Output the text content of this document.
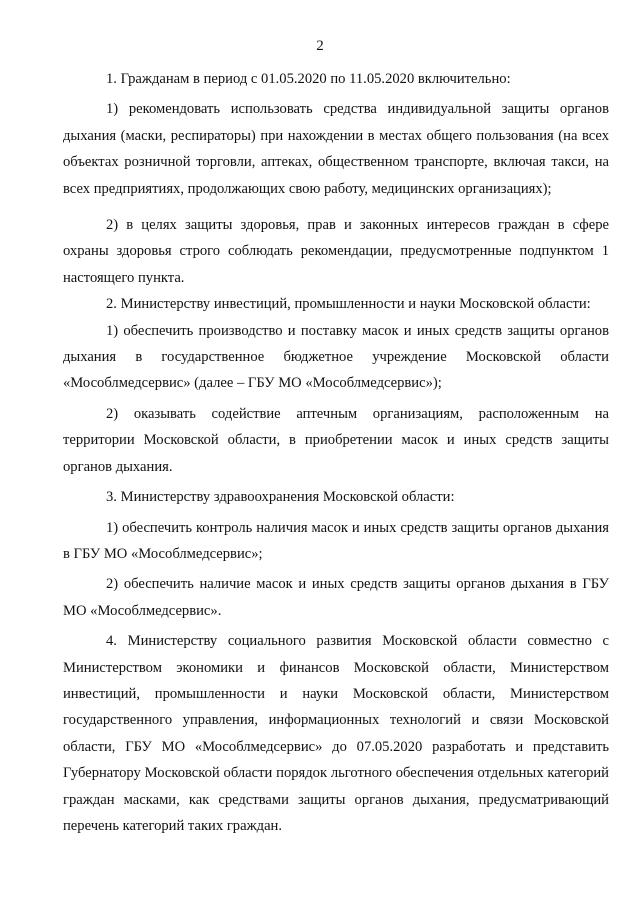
2

1. Гражданам в период с 01.05.2020 по 11.05.2020 включительно:

1) рекомендовать использовать средства индивидуальной защиты органов дыхания (маски, респираторы) при нахождении в местах общего пользования (на всех объектах розничной торговли, аптеках, общественном транспорте, включая такси, на всех предприятиях, продолжающих свою работу, медицинских организациях);

2) в целях защиты здоровья, прав и законных интересов граждан в сфере охраны здоровья строго соблюдать рекомендации, предусмотренные подпунктом 1 настоящего пункта.

2. Министерству инвестиций, промышленности и науки Московской области:

1) обеспечить производство и поставку масок и иных средств защиты органов дыхания в государственное бюджетное учреждение Московской области «Мособлмедсервис» (далее – ГБУ МО «Мособлмедсервис»);

2) оказывать содействие аптечным организациям, расположенным на территории Московской области, в приобретении масок и иных средств защиты органов дыхания.

3. Министерству здравоохранения Московской области:

1) обеспечить контроль наличия масок и иных средств защиты органов дыхания в ГБУ МО «Мособлмедсервис»;

2) обеспечить наличие масок и иных средств защиты органов дыхания в ГБУ МО «Мособлмедсервис».

4. Министерству социального развития Московской области совместно с Министерством экономики и финансов Московской области, Министерством инвестиций, промышленности и науки Московской области, Министерством государственного управления, информационных технологий и связи Московской области, ГБУ МО «Мособлмедсервис» до 07.05.2020 разработать и представить Губернатору Московской области порядок льготного обеспечения отдельных категорий граждан масками, как средствами защиты органов дыхания, предусматривающий перечень категорий таких граждан.
